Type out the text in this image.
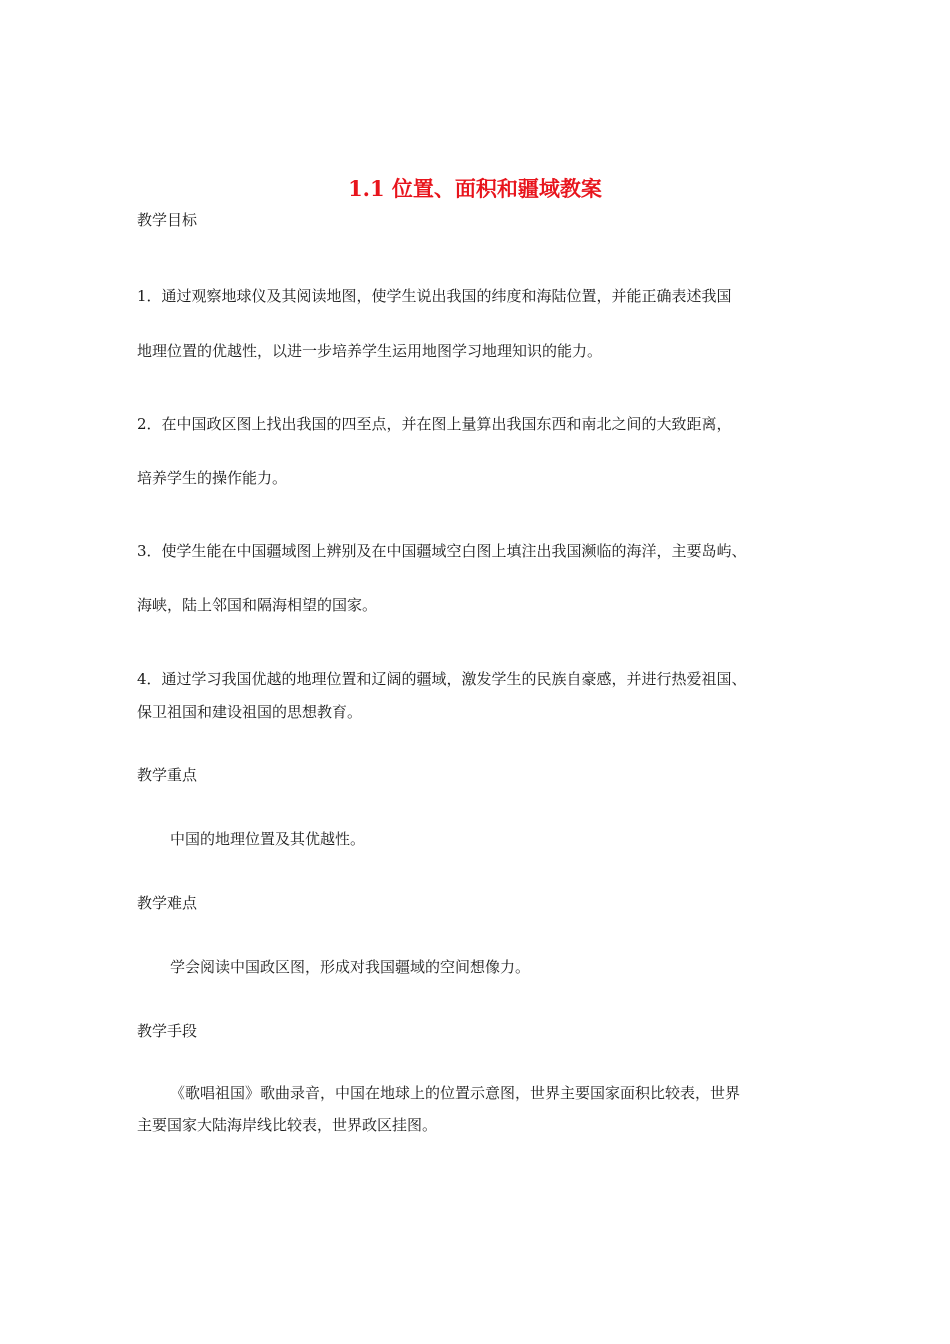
1.1 位置、面积和疆域教案

教学目标

1．通过观察地球仪及其阅读地图，使学生说出我国的纬度和海陆位置，并能正确表述我国

地理位置的优越性，以进一步培养学生运用地图学习地理知识的能力。

2．在中国政区图上找出我国的四至点，并在图上量算出我国东西和南北之间的大致距离，

培养学生的操作能力。

3．使学生能在中国疆域图上辨别及在中国疆域空白图上填注出我国濒临的海洋，主要岛屿、

海峡，陆上邻国和隔海相望的国家。

4．通过学习我国优越的地理位置和辽阔的疆域，激发学生的民族自豪感，并进行热爱祖国、

保卫祖国和建设祖国的思想教育。

教学重点

中国的地理位置及其优越性。

教学难点

学会阅读中国政区图，形成对我国疆域的空间想像力。

教学手段

《歌唱祖国》歌曲录音，中国在地球上的位置示意图，世界主要国家面积比较表，世界

主要国家大陆海岸线比较表，世界政区挂图。
